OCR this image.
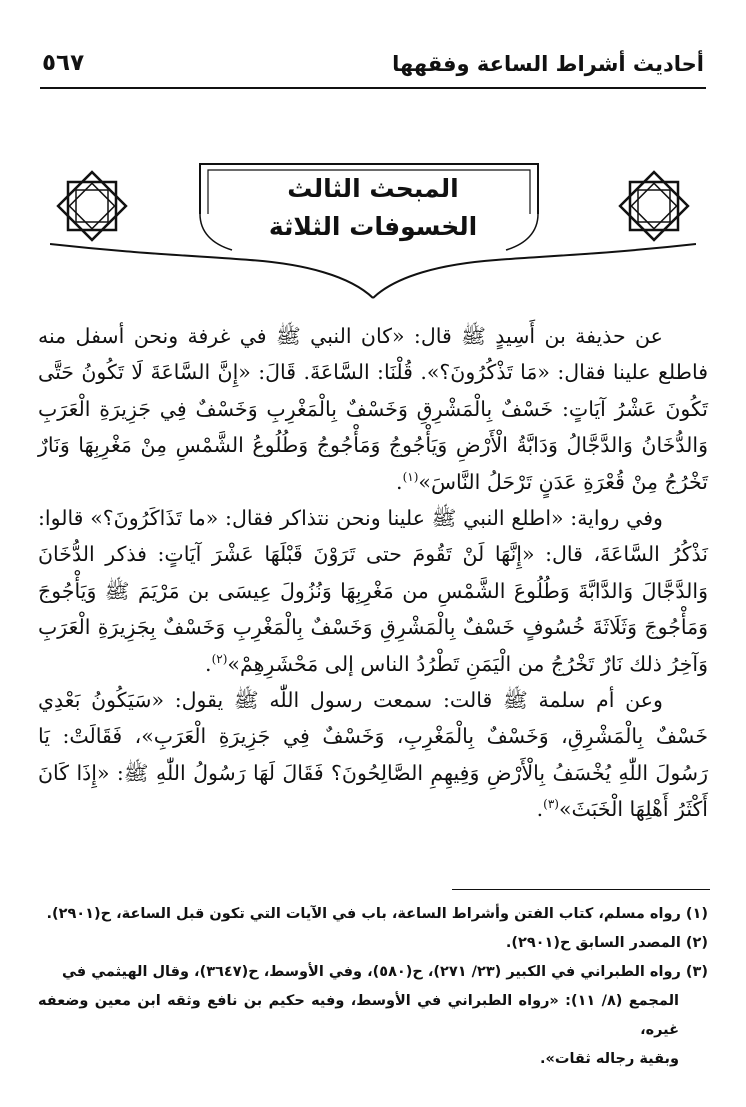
أحاديث أشراط الساعة وفقهها
٥٦٧
المبحث الثالث
الخسوفات الثلاثة

عن حذيفة بن أَسِيدٍ ﷺ قال: «كان النبي ﷺ في غرفة ونحن أسفل منه فاطلع علينا فقال: «مَا تَذْكُرُونَ؟». قُلْنَا: السَّاعَةَ. قَالَ: «إِنَّ السَّاعَةَ لَا تَكُونُ حَتَّى تَكُونَ عَشْرُ آيَاتٍ: خَسْفٌ بِالْمَشْرِقِ وَخَسْفٌ بِالْمَغْرِبِ وَخَسْفٌ فِي جَزِيرَةِ الْعَرَبِ وَالدُّخَانُ وَالدَّجَّالُ وَدَابَّةُ الْأَرْضِ وَيَأْجُوجُ وَمَأْجُوجُ وَطُلُوعُ الشَّمْسِ مِنْ مَغْرِبِهَا وَنَارٌ تَخْرُجُ مِنْ قُعْرَةِ عَدَنٍ تَرْحَلُ النَّاسَ»$^{(١)}$.

وفي رواية: «اطلع النبي ﷺ علينا ونحن نتذاكر فقال: «ما تَذَاكَرُونَ؟» قالوا: نَذْكُرُ السَّاعَةَ، قال: «إِنَّهَا لَنْ تَقُومَ حتى تَرَوْنَ قَبْلَهَا عَشْرَ آيَاتٍ: فذكر الدُّخَانَ وَالدَّجَّالَ وَالدَّابَّةَ وَطُلُوعَ الشَّمْسِ من مَغْرِبِهَا وَنُزُولَ عِيسَى بن مَرْيَمَ ﷺ وَيَأْجُوجَ وَمَأْجُوجَ وَثَلَاثَةَ خُسُوفٍ خَسْفٌ بِالْمَشْرِقِ وَخَسْفٌ بِالْمَغْرِبِ وَخَسْفٌ بِجَزِيرَةِ الْعَرَبِ وَآخِرُ ذلك نَارٌ تَخْرُجُ من الْيَمَنِ تَطْرُدُ الناس إلى مَحْشَرِهِمْ»$^{(٢)}$.

وعن أم سلمة ﷺ قالت: سمعت رسول اللّٰه ﷺ يقول: «سَيَكُونُ بَعْدِي خَسْفٌ بِالْمَشْرِقِ، وَخَسْفٌ بِالْمَغْرِبِ، وَخَسْفٌ فِي جَزِيرَةِ الْعَرَبِ»، فَقَالَتْ: يَا رَسُولَ اللّٰهِ يُخْسَفُ بِالْأَرْضِ وَفِيهِمِ الصَّالِحُونَ؟ فَقَالَ لَهَا رَسُولُ اللّٰهِ ﷺ: «إِذَا كَانَ أَكْثَرُ أَهْلِهَا الْخَبَثَ»$^{(٣)}$.

(١) رواه مسلم، كتاب الفتن وأشراط الساعة، باب في الآيات التي تكون قبل الساعة، ح(٢٩٠١).

(٢) المصدر السابق ح(٢٩٠١).

(٣) رواه الطبراني في الكبير (٢٣/ ٢٧١)، ح(٥٨٠)، وفي الأوسط، ح(٣٦٤٧)، وقال الهيثمي في

المجمع (٨/ ١١): «رواه الطبراني في الأوسط، وفيه حكيم بن نافع وثقه ابن معين وضعفه غيره،

وبقية رجاله ثقات».
